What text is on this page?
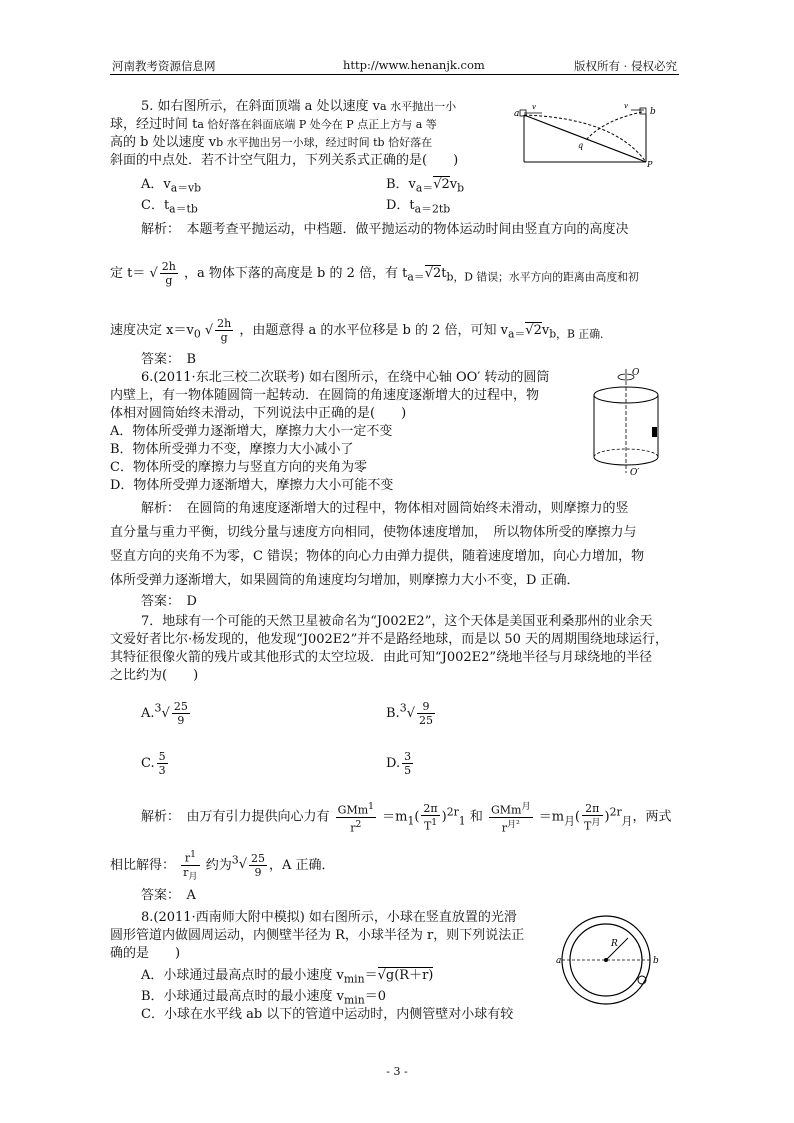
河南教考资源信息网	http://www.henanjk.com	版权所有 · 侵权必究
5. 如右图所示，在斜面顶端 a 处以速度 va 水平抛出一小
球，经过时间 ta 恰好落在斜面底端 P 处今在 P 点正上方与 a 等
高的 b 处以速度 vb 水平抛出另一小球，经过时间 tb 恰好落在
斜面的中点处．若不计空气阻力，下列关系式正确的是(　　)
A．$v_{a=vb}$	B．$v_{a=}√2v_b$
C．$t_{a=tb}$	D．$t_{a=2tb}$
解析：　本题考查平抛运动，中档题．做平抛运动的物体运动时间由竖直方向的高度决
定 t＝ √ $\frac{2h}{g}$ ，a 物体下落的高度是 b 的 2 倍，有 $t_{a=}√2t_{b,D 错误;水平方向的距离由高度和初}$
速度决定 $x=v_0$ √ $\frac{2h}{g}$ ，由题意得 a 的水平位移是 b 的 2 倍，可知 $v_{a=}√2v_{b,B 正确.}$
答案：　B
a	b
v	v
q
P
6.(2011·东北三校二次联考) 如右图所示，在绕中心轴 OO′ 转动的圆筒
内壁上，有一物体随圆筒一起转动．在圆筒的角速度逐渐增大的过程中，物
体相对圆筒始终未滑动，下列说法中正确的是(　　)
A．物体所受弹力逐渐增大，摩擦力大小一定不变
B．物体所受弹力不变，摩擦力大小减小了
C．物体所受的摩擦力与竖直方向的夹角为零
D．物体所受弹力逐渐增大，摩擦力大小可能不变
解析：　在圆筒的角速度逐渐增大的过程中，物体相对圆筒始终未滑动，则摩擦力的竖
直分量与重力平衡，切线分量与速度方向相同，使物体速度增加，　所以物体所受的摩擦力与
竖直方向的夹角不为零，C 错误；物体的向心力由弹力提供，随着速度增加，向心力增加，物
体所受弹力逐渐增大，如果圆筒的角速度均匀增加，则摩擦力大小不变，D 正确．
答案：　D
O
O′
7．地球有一个可能的天然卫星被命名为“J002E2”，这个天体是美国亚利桑那州的业余天
文爱好者比尔·杨发现的，他发现“J002E2”并不是路经地球，而是以 50 天的周期围绕地球运行，
其特征很像火箭的残片或其他形式的太空垃圾．由此可知“J002E2”绕地半径与月球绕地的半径
之比约为(　　)
$A.^3√ \frac{25}{9}$	$B.^3√ \frac{9}{25}$
C. $\frac{5}{3}$	D. $\frac{3}{5}$
解析：　由万有引力提供向心力有 $\frac{GMm^1}{r^2} =m_1( \frac{2\pi}{T^1} )^{2r}_1$ 和 $\frac{GMm^月}{r^{月^2}} =m_月( \frac{2\pi}{T^月} )^{2r}_月$，两式
相比解得： $\frac{r^1}{r_月}$ 约为$^3√ \frac{25}{9}$ ，A 正确．
答案：　A
8.(2011·西南师大附中模拟) 如右图所示，小球在竖直放置的光滑
圆形管道内做圆周运动，内侧壁半径为 R，小球半径为 r，则下列说法正
确的是　　)
A．小球通过最高点时的最小速度 $v_{min}=√g(R+r)$
B．小球通过最高点时的最小速度 $v_{min}=0$
C．小球在水平线 ab 以下的管道中运动时，内侧管壁对小球有较
R
a	b
- 3 -
